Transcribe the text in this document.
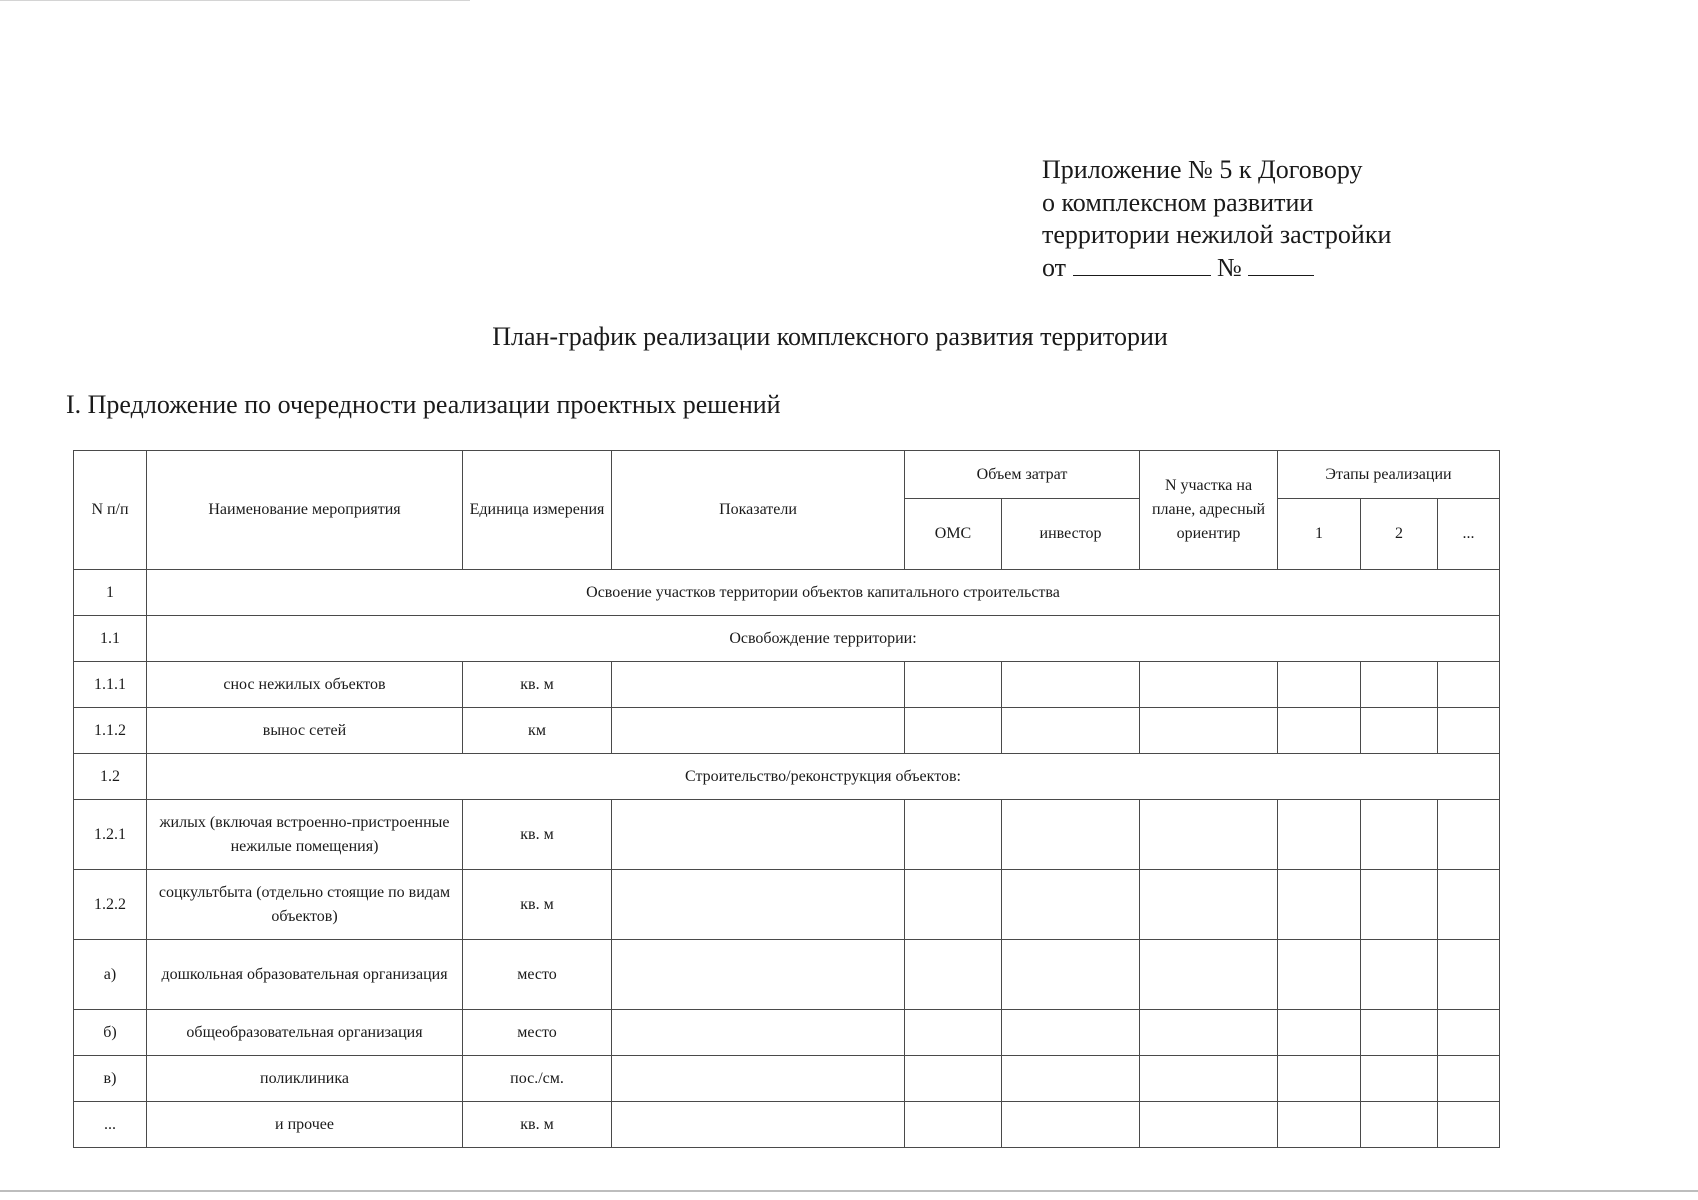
Приложение № 5 к Договору
о комплексном развитии
территории нежилой застройки
от	№
План-график реализации комплексного развития территории
I. Предложение по очередности реализации проектных решений
N п/п	Наименование мероприятия	Единица измерения	Показатели	Объем затрат		N участка на плане, адресный ориентир	Этапы реализации		
				ОМС	инвестор		1	2	...
1	Освоение участков территории объектов капитального строительства								
1.1	Освобождение территории:								
1.1.1	снос нежилых объектов	кв. м							
1.1.2	вынос сетей	км							
1.2	Строительство/реконструкция объектов:								
1.2.1	жилых (включая встроенно-пристроенные нежилые помещения)	кв. м							
1.2.2	соцкультбыта (отдельно стоящие по видам объектов)	кв. м							
а)	дошкольная образовательная организация	место							
б)	общеобразовательная организация	место							
в)	поликлиника	пос./см.							
...	и прочее	кв. м							
